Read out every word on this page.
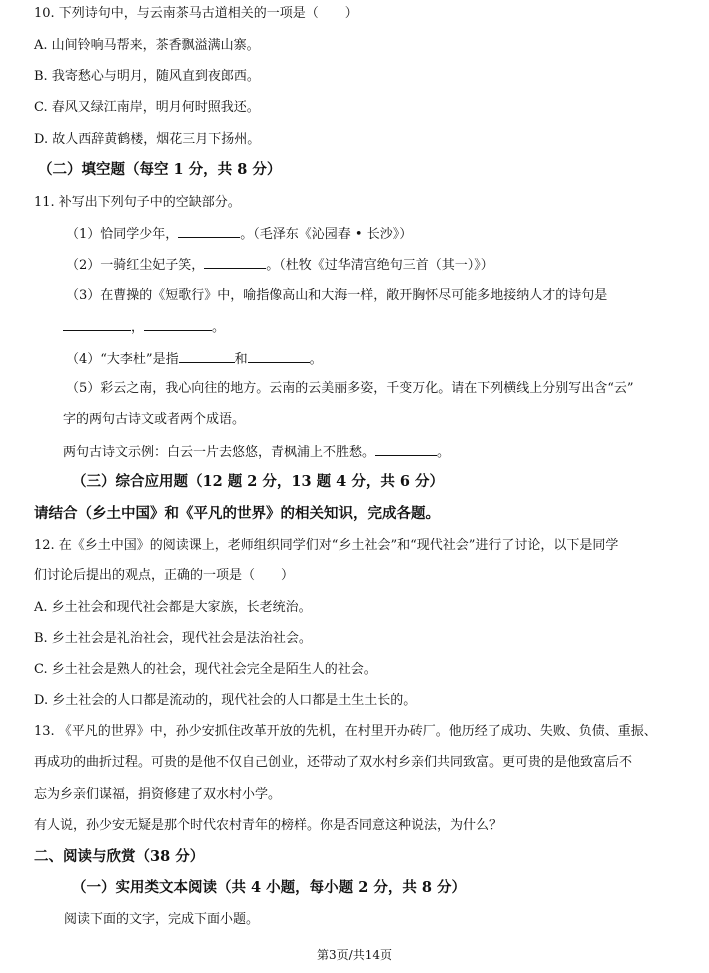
10. 下列诗句中，与云南茶马古道相关的一项是（　　）
A. 山间铃响马帮来，茶香飘溢满山寨。
B. 我寄愁心与明月，随风直到夜郎西。
C. 春风又绿江南岸，明月何时照我还。
D. 故人西辞黄鹤楼，烟花三月下扬州。
（二）填空题（每空 1 分，共 8 分）
11. 补写出下列句子中的空缺部分。
（1）恰同学少年，	。（毛泽东《沁园春 • 长沙》）
（2）一骑红尘妃子笑，	。（杜牧《过华清宫绝句三首（其一）》）
（3）在曹操的《短歌行》中，喻指像高山和大海一样，敞开胸怀尽可能多地接纳人才的诗句是
，	。
（4）“大李杜”是指	和	。
（5）彩云之南，我心向往的地方。云南的云美丽多姿，千变万化。请在下列横线上分别写出含“云”
字的两句古诗文或者两个成语。
两句古诗文示例：白云一片去悠悠，青枫浦上不胜愁。	。
（三）综合应用题（12 题 2 分，13 题 4 分，共 6 分）
请结合（乡土中国》和《平凡的世界》的相关知识，完成各题。
12. 在《乡土中国》的阅读课上，老师组织同学们对“乡土社会”和“现代社会”进行了讨论，以下是同学
们讨论后提出的观点，正确的一项是（　　）
A. 乡土社会和现代社会都是大家族，长老统治。
B. 乡土社会是礼治社会，现代社会是法治社会。
C. 乡土社会是熟人的社会，现代社会完全是陌生人的社会。
D. 乡土社会的人口都是流动的，现代社会的人口都是土生土长的。
13. 《平凡的世界》中，孙少安抓住改革开放的先机，在村里开办砖厂。他历经了成功、失败、负债、重振、
再成功的曲折过程。可贵的是他不仅自己创业，还带动了双水村乡亲们共同致富。更可贵的是他致富后不
忘为乡亲们谋福，捐资修建了双水村小学。
有人说，孙少安无疑是那个时代农村青年的榜样。你是否同意这种说法，为什么？
二、阅读与欣赏（38 分）
（一）实用类文本阅读（共 4 小题，每小题 2 分，共 8 分）
阅读下面的文字，完成下面小题。
第3页/共14页
